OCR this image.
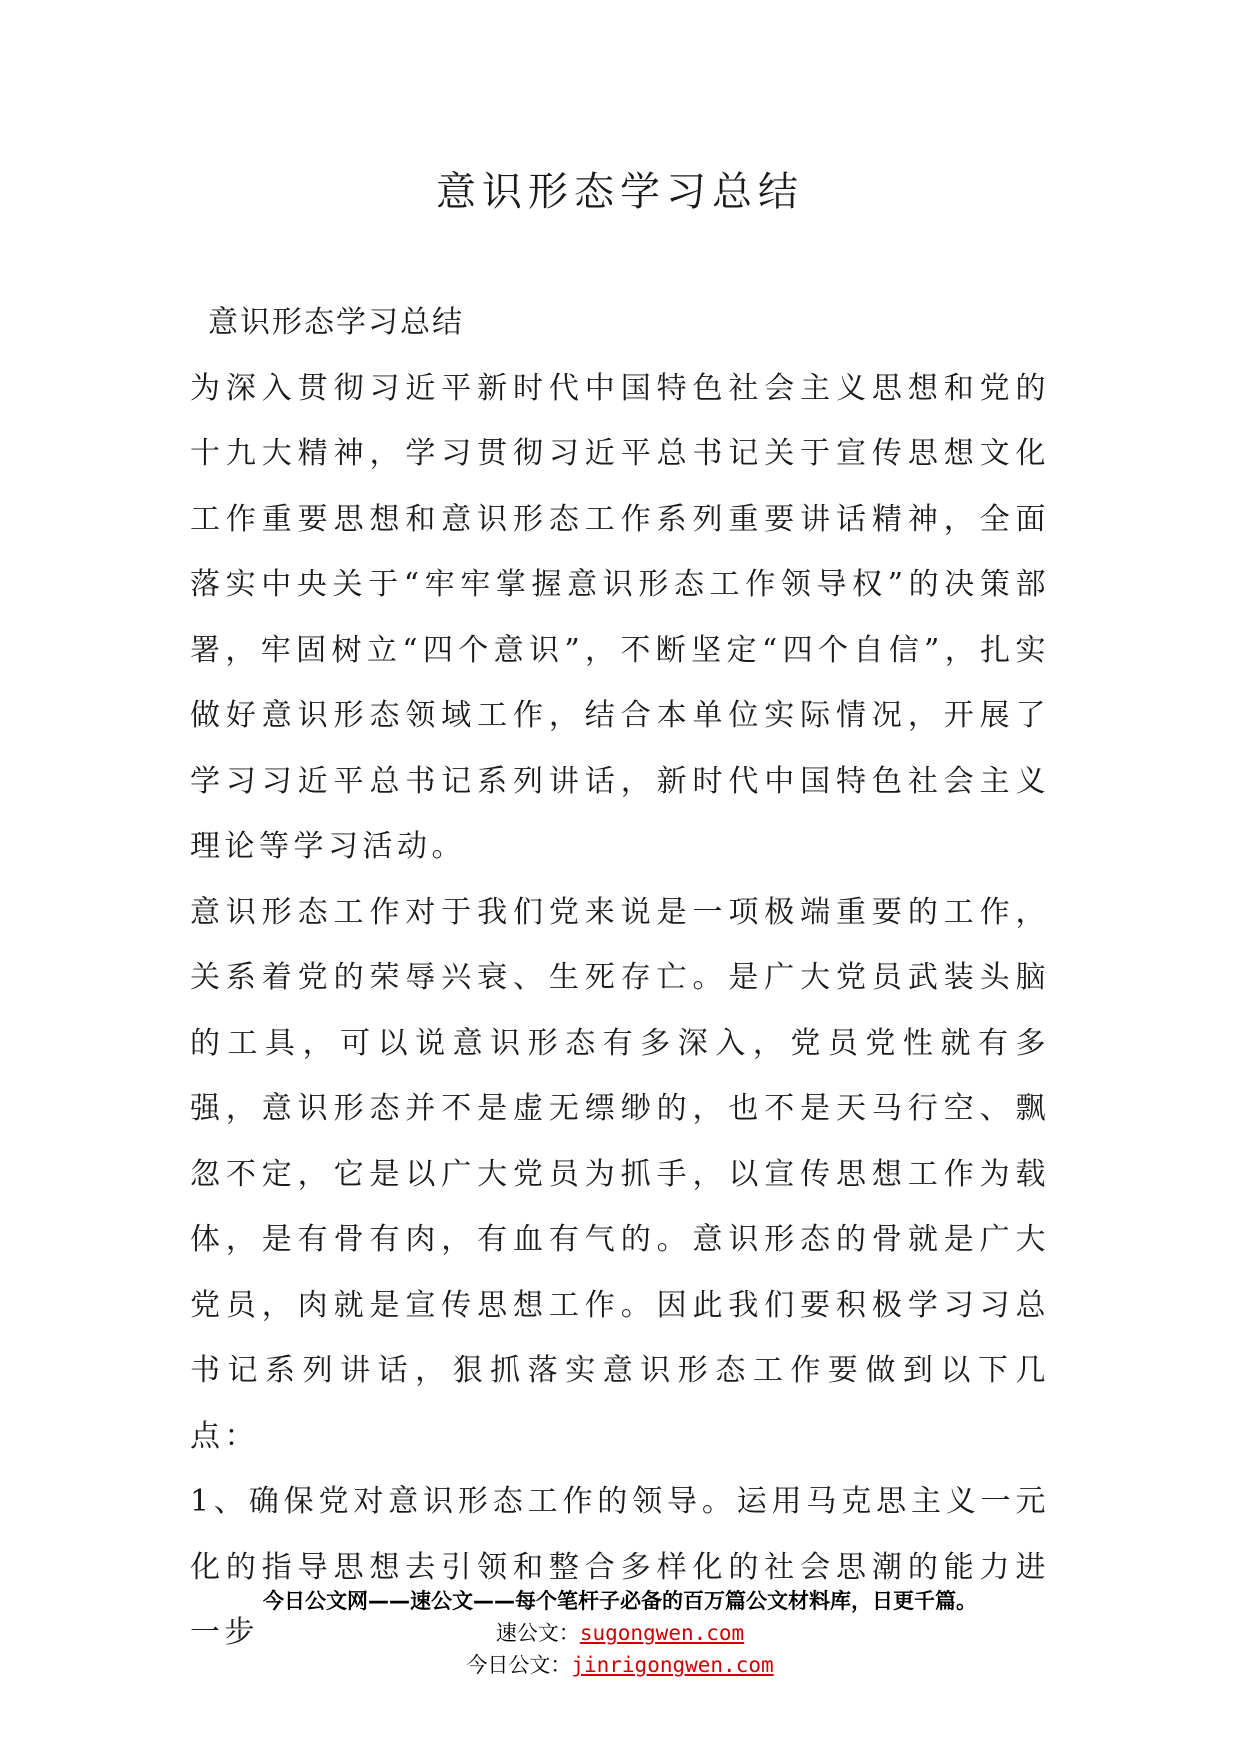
意识形态学习总结

意识形态学习总结

为深入贯彻习近平新时代中国特色社会主义思想和党的十九大精神，学习贯彻习近平总书记关于宣传思想文化工作重要思想和意识形态工作系列重要讲话精神，全面落实中央关于“牢牢掌握意识形态工作领导权”的决策部署，牢固树立“四个意识”，不断坚定“四个自信”，扎实做好意识形态领域工作，结合本单位实际情况，开展了学习习近平总书记系列讲话，新时代中国特色社会主义理论等学习活动。

意识形态工作对于我们党来说是一项极端重要的工作，关系着党的荣辱兴衰、生死存亡。是广大党员武装头脑的工具，可以说意识形态有多深入，党员党性就有多强，意识形态并不是虚无缥缈的，也不是天马行空、飘忽不定，它是以广大党员为抓手，以宣传思想工作为载体，是有骨有肉，有血有气的。意识形态的骨就是广大党员，肉就是宣传思想工作。因此我们要积极学习习总书记系列讲话，狠抓落实意识形态工作要做到以下几点：

1、确保党对意识形态工作的领导。运用马克思主义一元化的指导思想去引领和整合多样化的社会思潮的能力进一步

今日公文网——速公文——每个笔杆子必备的百万篇公文材料库，日更千篇。
速公文：sugongwen.com
今日公文：jinrigongwen.com
